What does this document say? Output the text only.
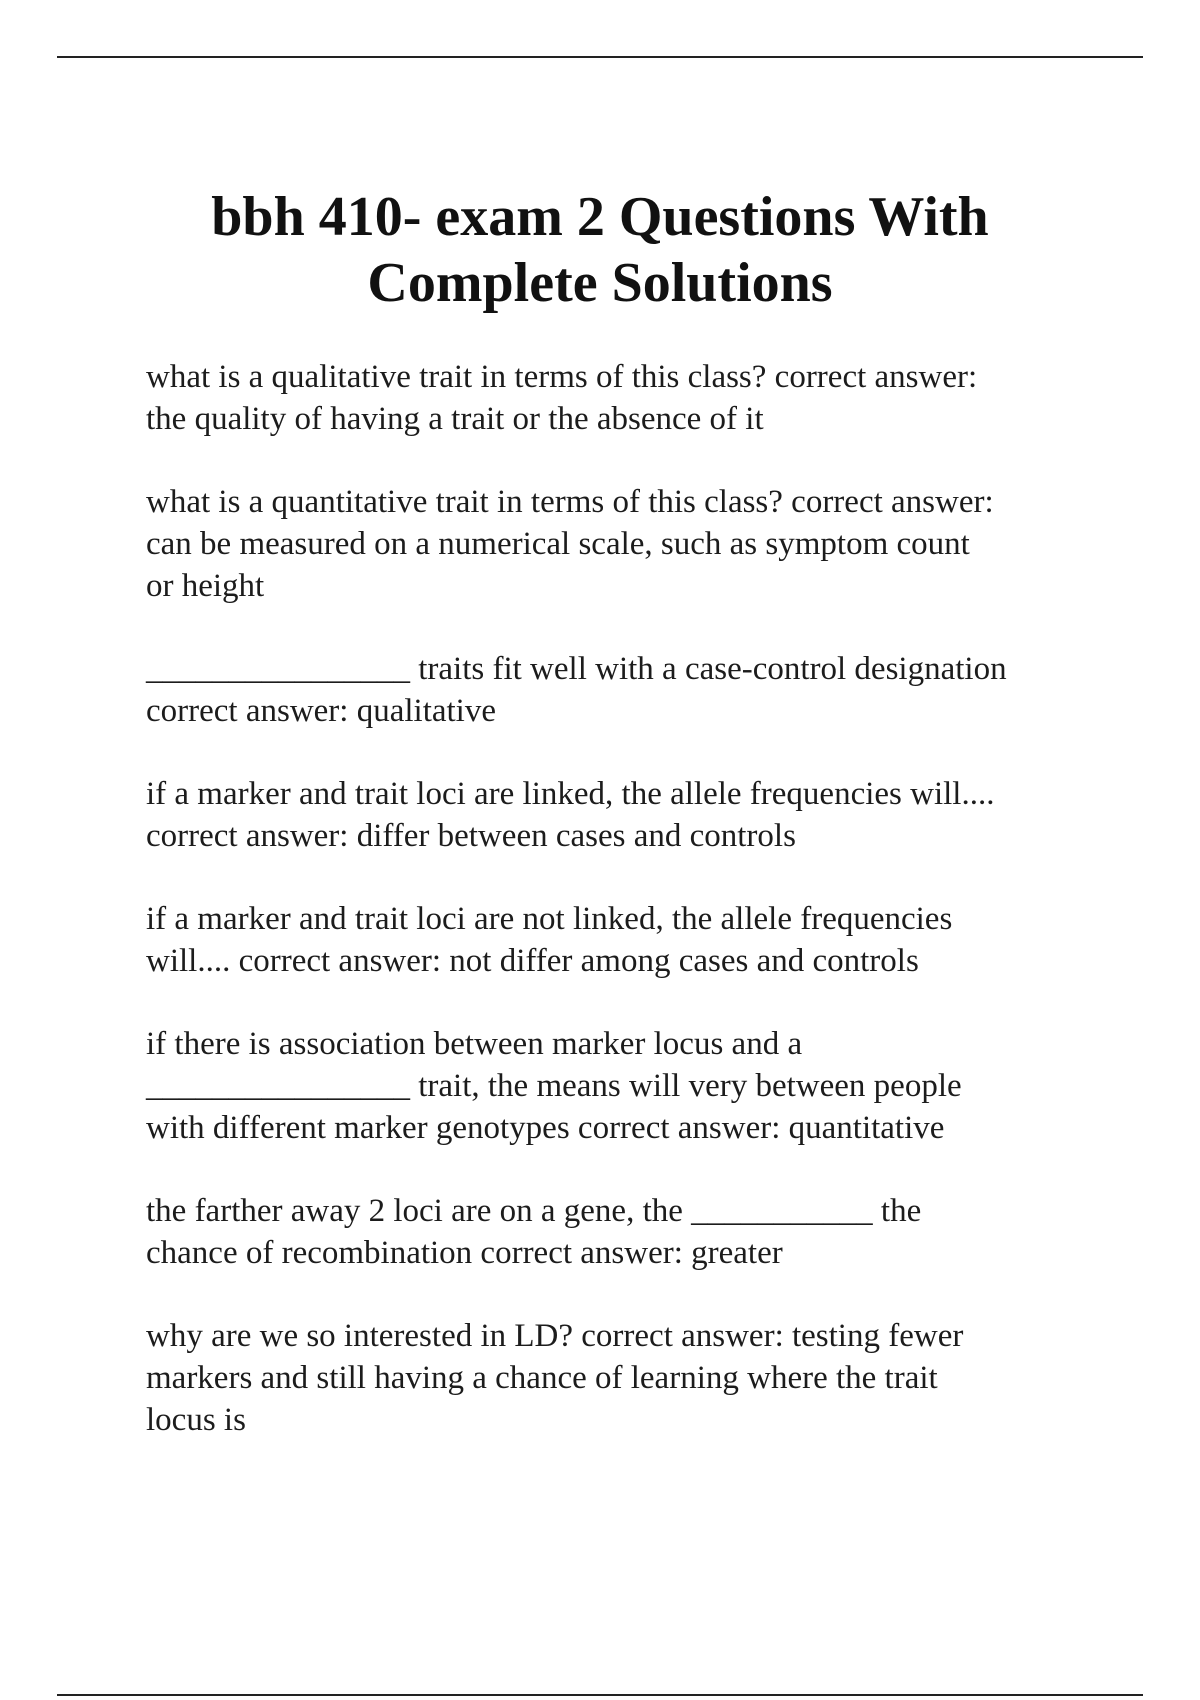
bbh 410- exam 2 Questions With
Complete Solutions
what is a qualitative trait in terms of this class? correct answer:
the quality of having a trait or the absence of it
what is a quantitative trait in terms of this class? correct answer:
can be measured on a numerical scale, such as symptom count
or height
________________ traits fit well with a case-control designation
correct answer: qualitative
if a marker and trait loci are linked, the allele frequencies will....
correct answer: differ between cases and controls
if a marker and trait loci are not linked, the allele frequencies
will.... correct answer: not differ among cases and controls
if there is association between marker locus and a
________________ trait, the means will very between people
with different marker genotypes correct answer: quantitative
the farther away 2 loci are on a gene, the ___________ the
chance of recombination correct answer: greater
why are we so interested in LD? correct answer: testing fewer
markers and still having a chance of learning where the trait
locus is
